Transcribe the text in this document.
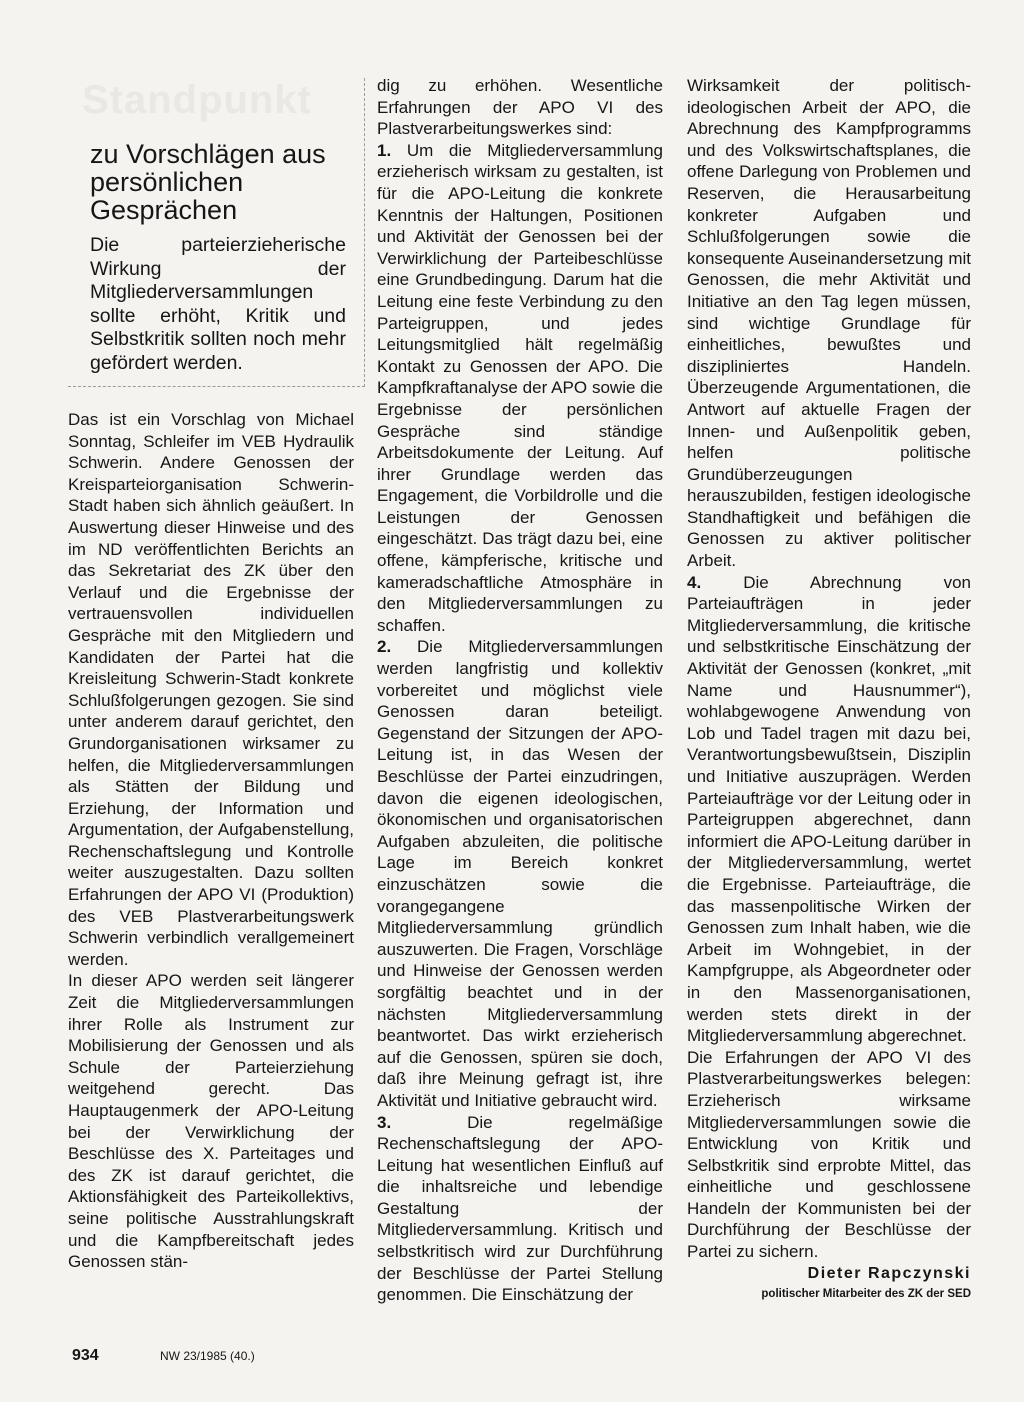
Standpunkt
zu Vorschlägen aus persönlichen Gesprächen

Die parteierzieherische Wirkung der Mitgliederversammlungen sollte erhöht, Kritik und Selbstkritik sollten noch mehr gefördert werden.

Das ist ein Vorschlag von Michael Sonntag, Schleifer im VEB Hydraulik Schwerin. Andere Genossen der Kreisparteiorganisation Schwerin-Stadt haben sich ähnlich geäußert. In Auswertung dieser Hinweise und des im ND veröffentlichten Berichts an das Sekretariat des ZK über den Verlauf und die Ergebnisse der vertrauensvollen individuellen Gespräche mit den Mitgliedern und Kandidaten der Partei hat die Kreisleitung Schwerin-Stadt konkrete Schlußfolgerungen gezogen. Sie sind unter anderem darauf gerichtet, den Grundorganisationen wirksamer zu helfen, die Mitgliederversammlungen als Stätten der Bildung und Erziehung, der Information und Argumentation, der Aufgabenstellung, Rechenschaftslegung und Kontrolle weiter auszugestalten. Dazu sollten Erfahrungen der APO VI (Produktion) des VEB Plastverarbeitungswerk Schwerin verbindlich verallgemeinert werden.

In dieser APO werden seit längerer Zeit die Mitgliederversammlungen ihrer Rolle als Instrument zur Mobilisierung der Genossen und als Schule der Parteierziehung weitgehend gerecht. Das Hauptaugenmerk der APO-Leitung bei der Verwirklichung der Beschlüsse des X. Parteitages und des ZK ist darauf gerichtet, die Aktionsfähigkeit des Parteikollektivs, seine politische Ausstrahlungskraft und die Kampfbereitschaft jedes Genossen stän-

dig zu erhöhen. Wesentliche Erfahrungen der APO VI des Plastverarbeitungswerkes sind:

1. Um die Mitgliederversammlung erzieherisch wirksam zu gestalten, ist für die APO-Leitung die konkrete Kenntnis der Haltungen, Positionen und Aktivität der Genossen bei der Verwirklichung der Parteibeschlüsse eine Grundbedingung. Darum hat die Leitung eine feste Verbindung zu den Parteigruppen, und jedes Leitungsmitglied hält regelmäßig Kontakt zu Genossen der APO. Die Kampfkraftanalyse der APO sowie die Ergebnisse der persönlichen Gespräche sind ständige Arbeitsdokumente der Leitung. Auf ihrer Grundlage werden das Engagement, die Vorbildrolle und die Leistungen der Genossen eingeschätzt. Das trägt dazu bei, eine offene, kämpferische, kritische und kameradschaftliche Atmosphäre in den Mitgliederversammlungen zu schaffen.

2. Die Mitgliederversammlungen werden langfristig und kollektiv vorbereitet und möglichst viele Genossen daran beteiligt. Gegenstand der Sitzungen der APO-Leitung ist, in das Wesen der Beschlüsse der Partei einzudringen, davon die eigenen ideologischen, ökonomischen und organisatorischen Aufgaben abzuleiten, die politische Lage im Bereich konkret einzuschätzen sowie die vorangegangene Mitgliederversammlung gründlich auszuwerten. Die Fragen, Vorschläge und Hinweise der Genossen werden sorgfältig beachtet und in der nächsten Mitgliederversammlung beantwortet. Das wirkt erzieherisch auf die Genossen, spüren sie doch, daß ihre Meinung gefragt ist, ihre Aktivität und Initiative gebraucht wird.

3.	Die regelmäßige Rechenschaftslegung der APO-Leitung hat wesentlichen Einfluß auf die inhaltsreiche und lebendige Gestaltung der Mitgliederversammlung. Kritisch und selbstkritisch wird zur Durchführung der Beschlüsse der Partei Stellung genommen. Die Einschätzung der

Wirksamkeit der politisch-ideologischen Arbeit der APO, die Abrechnung des Kampfprogramms und des Volkswirtschaftsplanes, die offene Darlegung von Problemen und Reserven, die Herausarbeitung konkreter Aufgaben und Schlußfolgerungen sowie die konsequente Auseinandersetzung mit Genossen, die mehr Aktivität und Initiative an den Tag legen müssen, sind wichtige Grundlage für einheitliches, bewußtes und diszipliniertes Handeln. Überzeugende Argumentationen, die Antwort auf aktuelle Fragen der Innen- und Außenpolitik geben, helfen politische Grundüberzeugungen herauszubilden, festigen ideologische Standhaftigkeit und befähigen die Genossen zu aktiver politischer Arbeit.

4. Die Abrechnung von Parteiaufträgen in jeder Mitgliederversammlung, die kritische und selbstkritische Einschätzung der Aktivität der Genossen (konkret, „mit Name und Hausnummer“), wohlabgewogene Anwendung von Lob und Tadel tragen mit dazu bei, Verantwortungsbewußtsein, Disziplin und Initiative auszuprägen. Werden Parteiaufträge vor der Leitung oder in Parteigruppen abgerechnet, dann informiert die APO-Leitung darüber in der Mitgliederversammlung, wertet die Ergebnisse. Parteiaufträge, die das massenpolitische Wirken der Genossen zum Inhalt haben, wie die Arbeit im Wohngebiet, in der Kampfgruppe, als Abgeordneter oder in den Massenorganisationen, werden stets direkt in der Mitgliederversammlung abgerechnet.

Die Erfahrungen der APO VI des Plastverarbeitungswerkes belegen: Erzieherisch wirksame Mitgliederversammlungen sowie die Entwicklung von Kritik und Selbstkritik sind erprobte Mittel, das einheitliche und geschlossene Handeln der Kommunisten bei der Durchführung der Beschlüsse der Partei zu sichern.

Dieter Rapczynski

politischer Mitarbeiter des ZK der SED

934	NW 23/1985 (40.)
